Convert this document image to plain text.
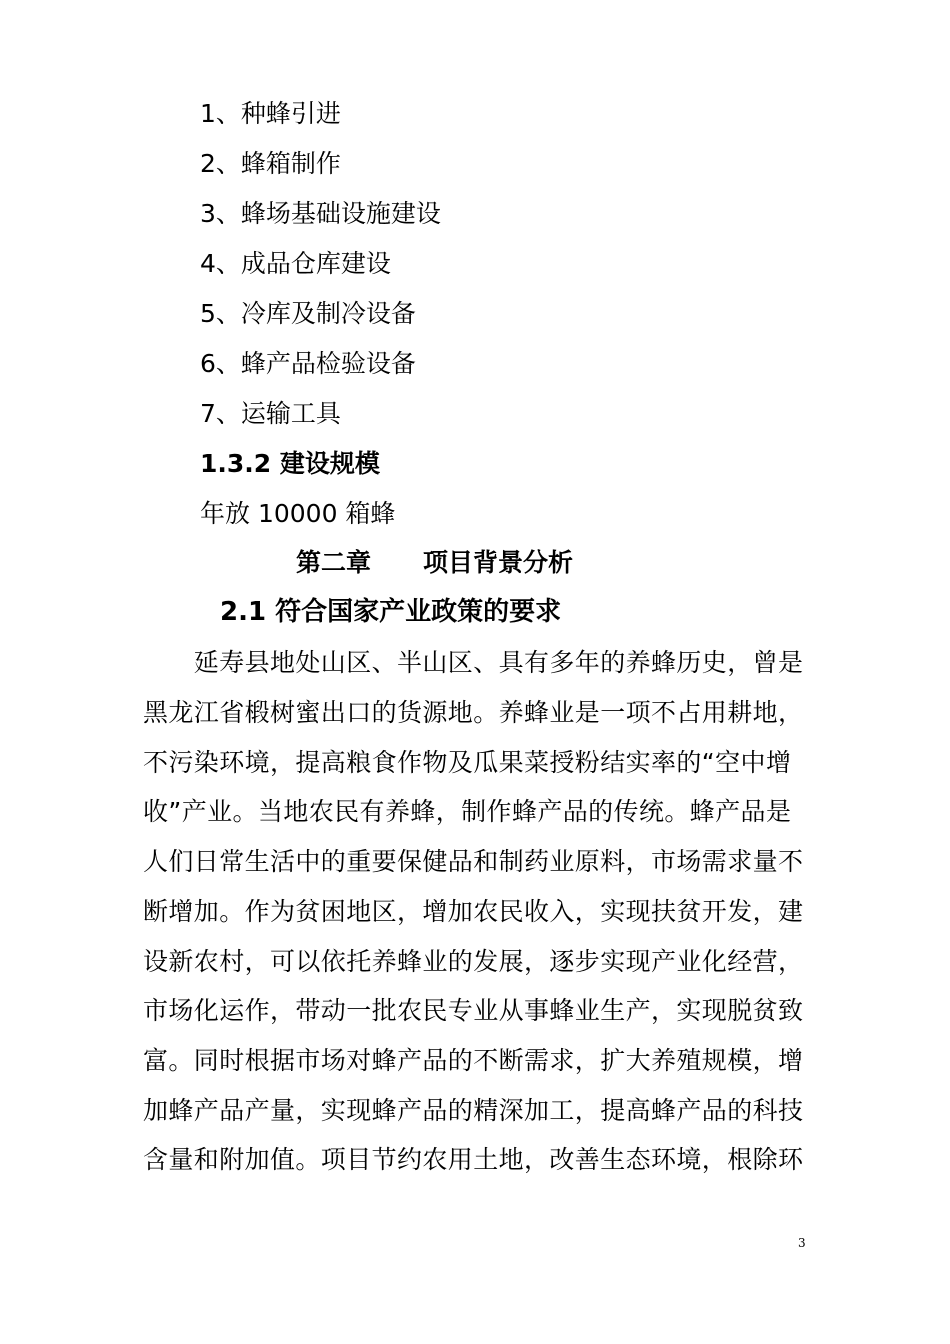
1、种蜂引进
2、蜂箱制作
3、蜂场基础设施建设
4、成品仓库建设
5、冷库及制冷设备
6、蜂产品检验设备
7、运输工具
1.3.2 建设规模
年放 10000 箱蜂
第二章 项目背景分析
2.1 符合国家产业政策的要求
　　延寿县地处山区、半山区、具有多年的养蜂历史，曾是
黑龙江省椴树蜜出口的货源地。养蜂业是一项不占用耕地，
不污染环境，提高粮食作物及瓜果菜授粉结实率的“空中增
收”产业。当地农民有养蜂，制作蜂产品的传统。蜂产品是
人们日常生活中的重要保健品和制药业原料，市场需求量不
断增加。作为贫困地区，增加农民收入，实现扶贫开发，建
设新农村，可以依托养蜂业的发展，逐步实现产业化经营，
市场化运作，带动一批农民专业从事蜂业生产，实现脱贫致
富。同时根据市场对蜂产品的不断需求，扩大养殖规模，增
加蜂产品产量，实现蜂产品的精深加工，提高蜂产品的科技
含量和附加值。项目节约农用土地，改善生态环境，根除环
3
